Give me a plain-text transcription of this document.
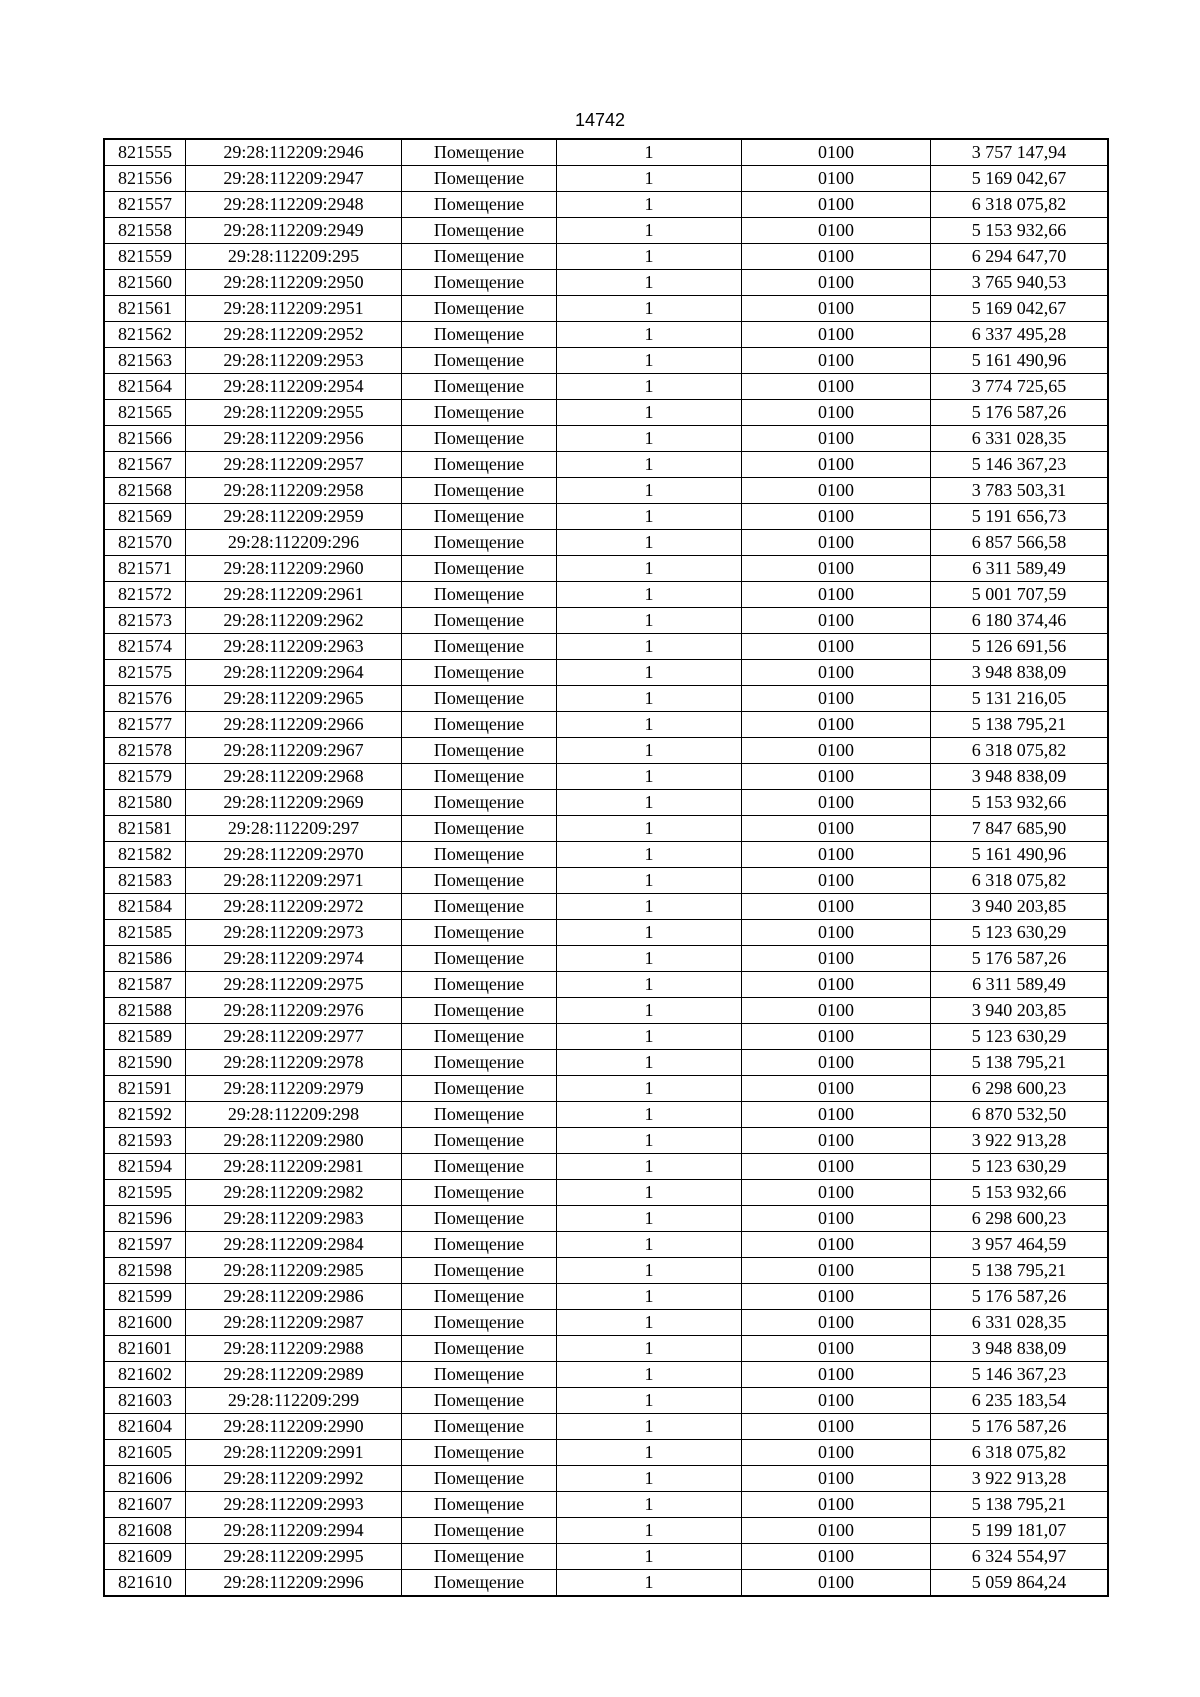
14742
821555	29:28:112209:2946	Помещение	1	0100	3 757 147,94
821556	29:28:112209:2947	Помещение	1	0100	5 169 042,67
821557	29:28:112209:2948	Помещение	1	0100	6 318 075,82
821558	29:28:112209:2949	Помещение	1	0100	5 153 932,66
821559	29:28:112209:295	Помещение	1	0100	6 294 647,70
821560	29:28:112209:2950	Помещение	1	0100	3 765 940,53
821561	29:28:112209:2951	Помещение	1	0100	5 169 042,67
821562	29:28:112209:2952	Помещение	1	0100	6 337 495,28
821563	29:28:112209:2953	Помещение	1	0100	5 161 490,96
821564	29:28:112209:2954	Помещение	1	0100	3 774 725,65
821565	29:28:112209:2955	Помещение	1	0100	5 176 587,26
821566	29:28:112209:2956	Помещение	1	0100	6 331 028,35
821567	29:28:112209:2957	Помещение	1	0100	5 146 367,23
821568	29:28:112209:2958	Помещение	1	0100	3 783 503,31
821569	29:28:112209:2959	Помещение	1	0100	5 191 656,73
821570	29:28:112209:296	Помещение	1	0100	6 857 566,58
821571	29:28:112209:2960	Помещение	1	0100	6 311 589,49
821572	29:28:112209:2961	Помещение	1	0100	5 001 707,59
821573	29:28:112209:2962	Помещение	1	0100	6 180 374,46
821574	29:28:112209:2963	Помещение	1	0100	5 126 691,56
821575	29:28:112209:2964	Помещение	1	0100	3 948 838,09
821576	29:28:112209:2965	Помещение	1	0100	5 131 216,05
821577	29:28:112209:2966	Помещение	1	0100	5 138 795,21
821578	29:28:112209:2967	Помещение	1	0100	6 318 075,82
821579	29:28:112209:2968	Помещение	1	0100	3 948 838,09
821580	29:28:112209:2969	Помещение	1	0100	5 153 932,66
821581	29:28:112209:297	Помещение	1	0100	7 847 685,90
821582	29:28:112209:2970	Помещение	1	0100	5 161 490,96
821583	29:28:112209:2971	Помещение	1	0100	6 318 075,82
821584	29:28:112209:2972	Помещение	1	0100	3 940 203,85
821585	29:28:112209:2973	Помещение	1	0100	5 123 630,29
821586	29:28:112209:2974	Помещение	1	0100	5 176 587,26
821587	29:28:112209:2975	Помещение	1	0100	6 311 589,49
821588	29:28:112209:2976	Помещение	1	0100	3 940 203,85
821589	29:28:112209:2977	Помещение	1	0100	5 123 630,29
821590	29:28:112209:2978	Помещение	1	0100	5 138 795,21
821591	29:28:112209:2979	Помещение	1	0100	6 298 600,23
821592	29:28:112209:298	Помещение	1	0100	6 870 532,50
821593	29:28:112209:2980	Помещение	1	0100	3 922 913,28
821594	29:28:112209:2981	Помещение	1	0100	5 123 630,29
821595	29:28:112209:2982	Помещение	1	0100	5 153 932,66
821596	29:28:112209:2983	Помещение	1	0100	6 298 600,23
821597	29:28:112209:2984	Помещение	1	0100	3 957 464,59
821598	29:28:112209:2985	Помещение	1	0100	5 138 795,21
821599	29:28:112209:2986	Помещение	1	0100	5 176 587,26
821600	29:28:112209:2987	Помещение	1	0100	6 331 028,35
821601	29:28:112209:2988	Помещение	1	0100	3 948 838,09
821602	29:28:112209:2989	Помещение	1	0100	5 146 367,23
821603	29:28:112209:299	Помещение	1	0100	6 235 183,54
821604	29:28:112209:2990	Помещение	1	0100	5 176 587,26
821605	29:28:112209:2991	Помещение	1	0100	6 318 075,82
821606	29:28:112209:2992	Помещение	1	0100	3 922 913,28
821607	29:28:112209:2993	Помещение	1	0100	5 138 795,21
821608	29:28:112209:2994	Помещение	1	0100	5 199 181,07
821609	29:28:112209:2995	Помещение	1	0100	6 324 554,97
821610	29:28:112209:2996	Помещение	1	0100	5 059 864,24
